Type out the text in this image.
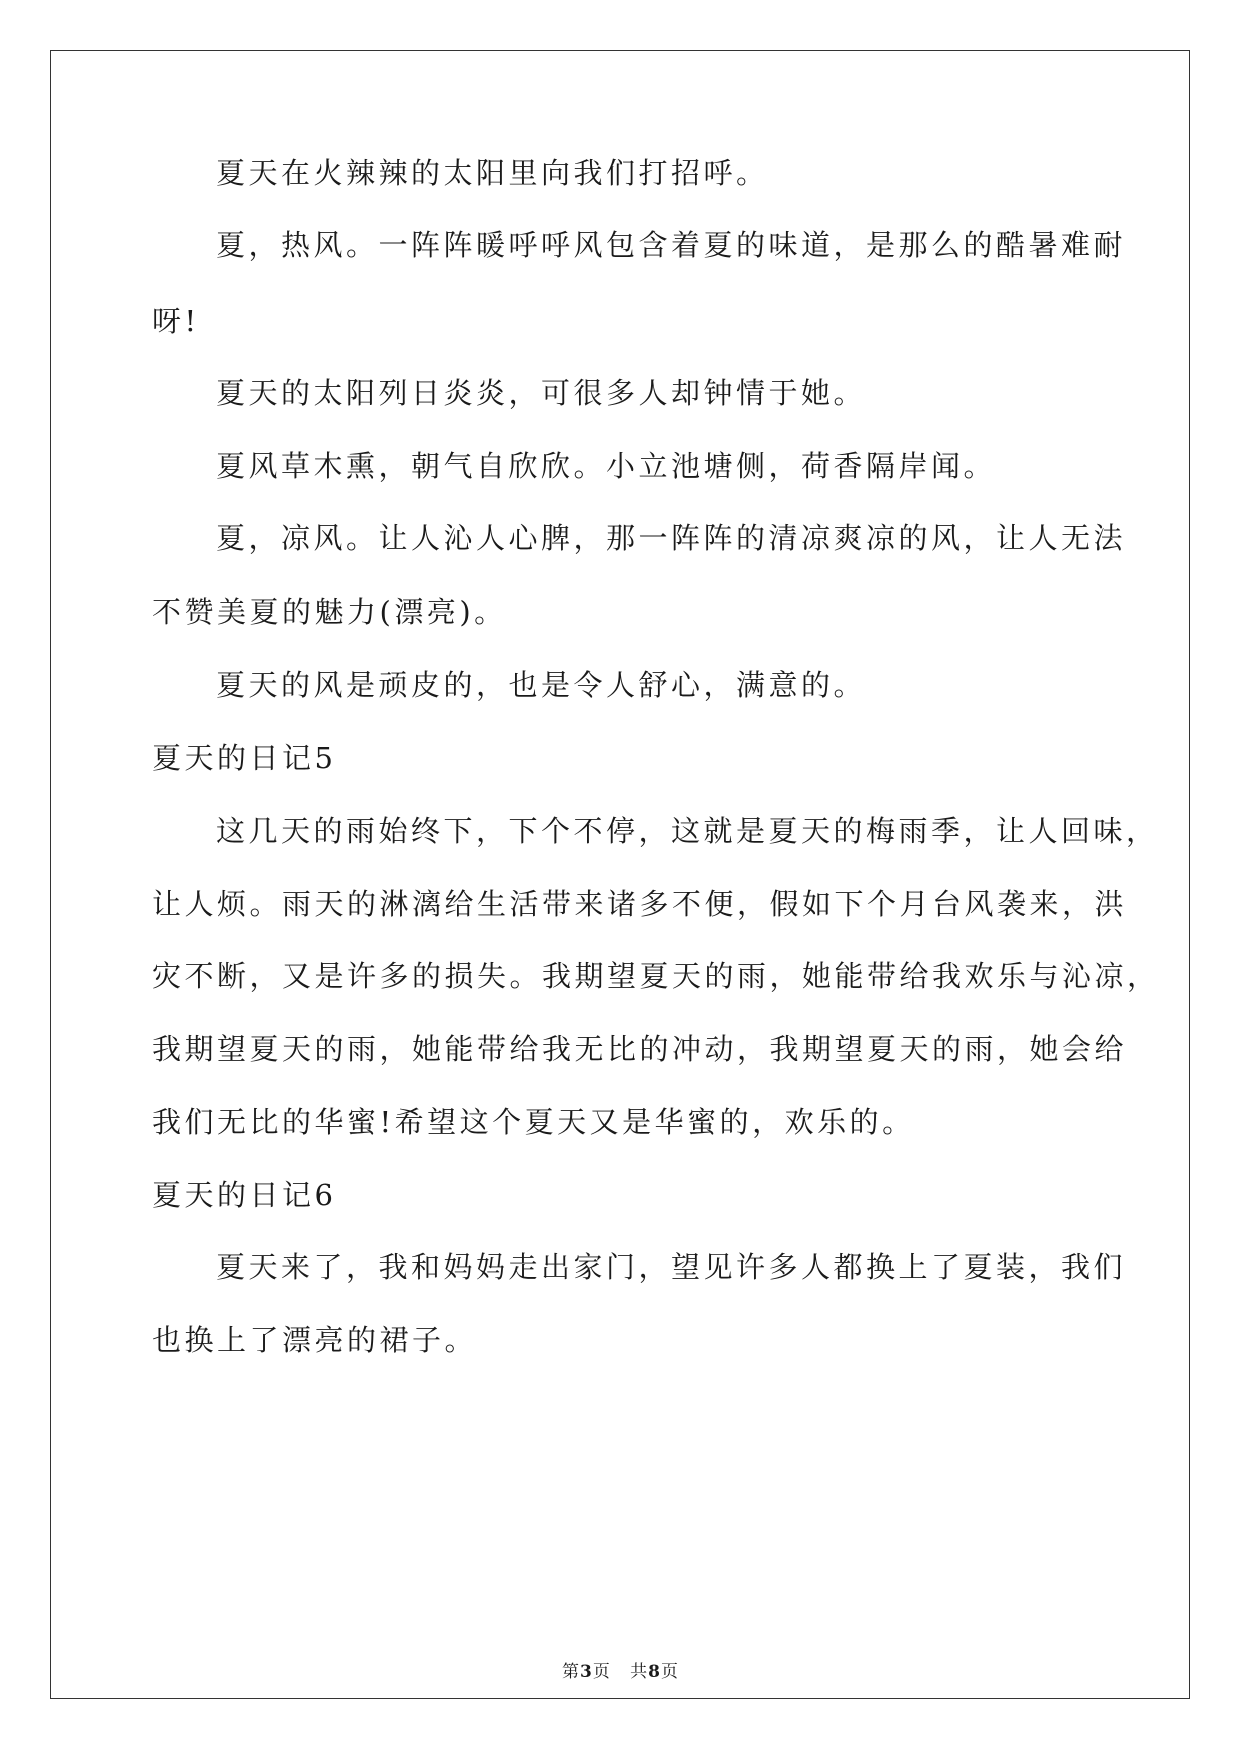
夏天在火辣辣的太阳里向我们打招呼。
夏，热风。一阵阵暖呼呼风包含着夏的味道，是那么的酷暑难耐
呀!
夏天的太阳列日炎炎，可很多人却钟情于她。
夏风草木熏，朝气自欣欣。小立池塘侧，荷香隔岸闻。
夏，凉风。让人沁人心脾，那一阵阵的清凉爽凉的风，让人无法
不赞美夏的魅力(漂亮)。
夏天的风是顽皮的，也是令人舒心，满意的。
夏天的日记5
这几天的雨始终下，下个不停，这就是夏天的梅雨季，让人回味，
让人烦。雨天的淋漓给生活带来诸多不便，假如下个月台风袭来，洪
灾不断，又是许多的损失。我期望夏天的雨，她能带给我欢乐与沁凉，
我期望夏天的雨，她能带给我无比的冲动，我期望夏天的雨，她会给
我们无比的华蜜!希望这个夏天又是华蜜的，欢乐的。
夏天的日记6
夏天来了，我和妈妈走出家门，望见许多人都换上了夏装，我们
也换上了漂亮的裙子。
第3页 共8页
